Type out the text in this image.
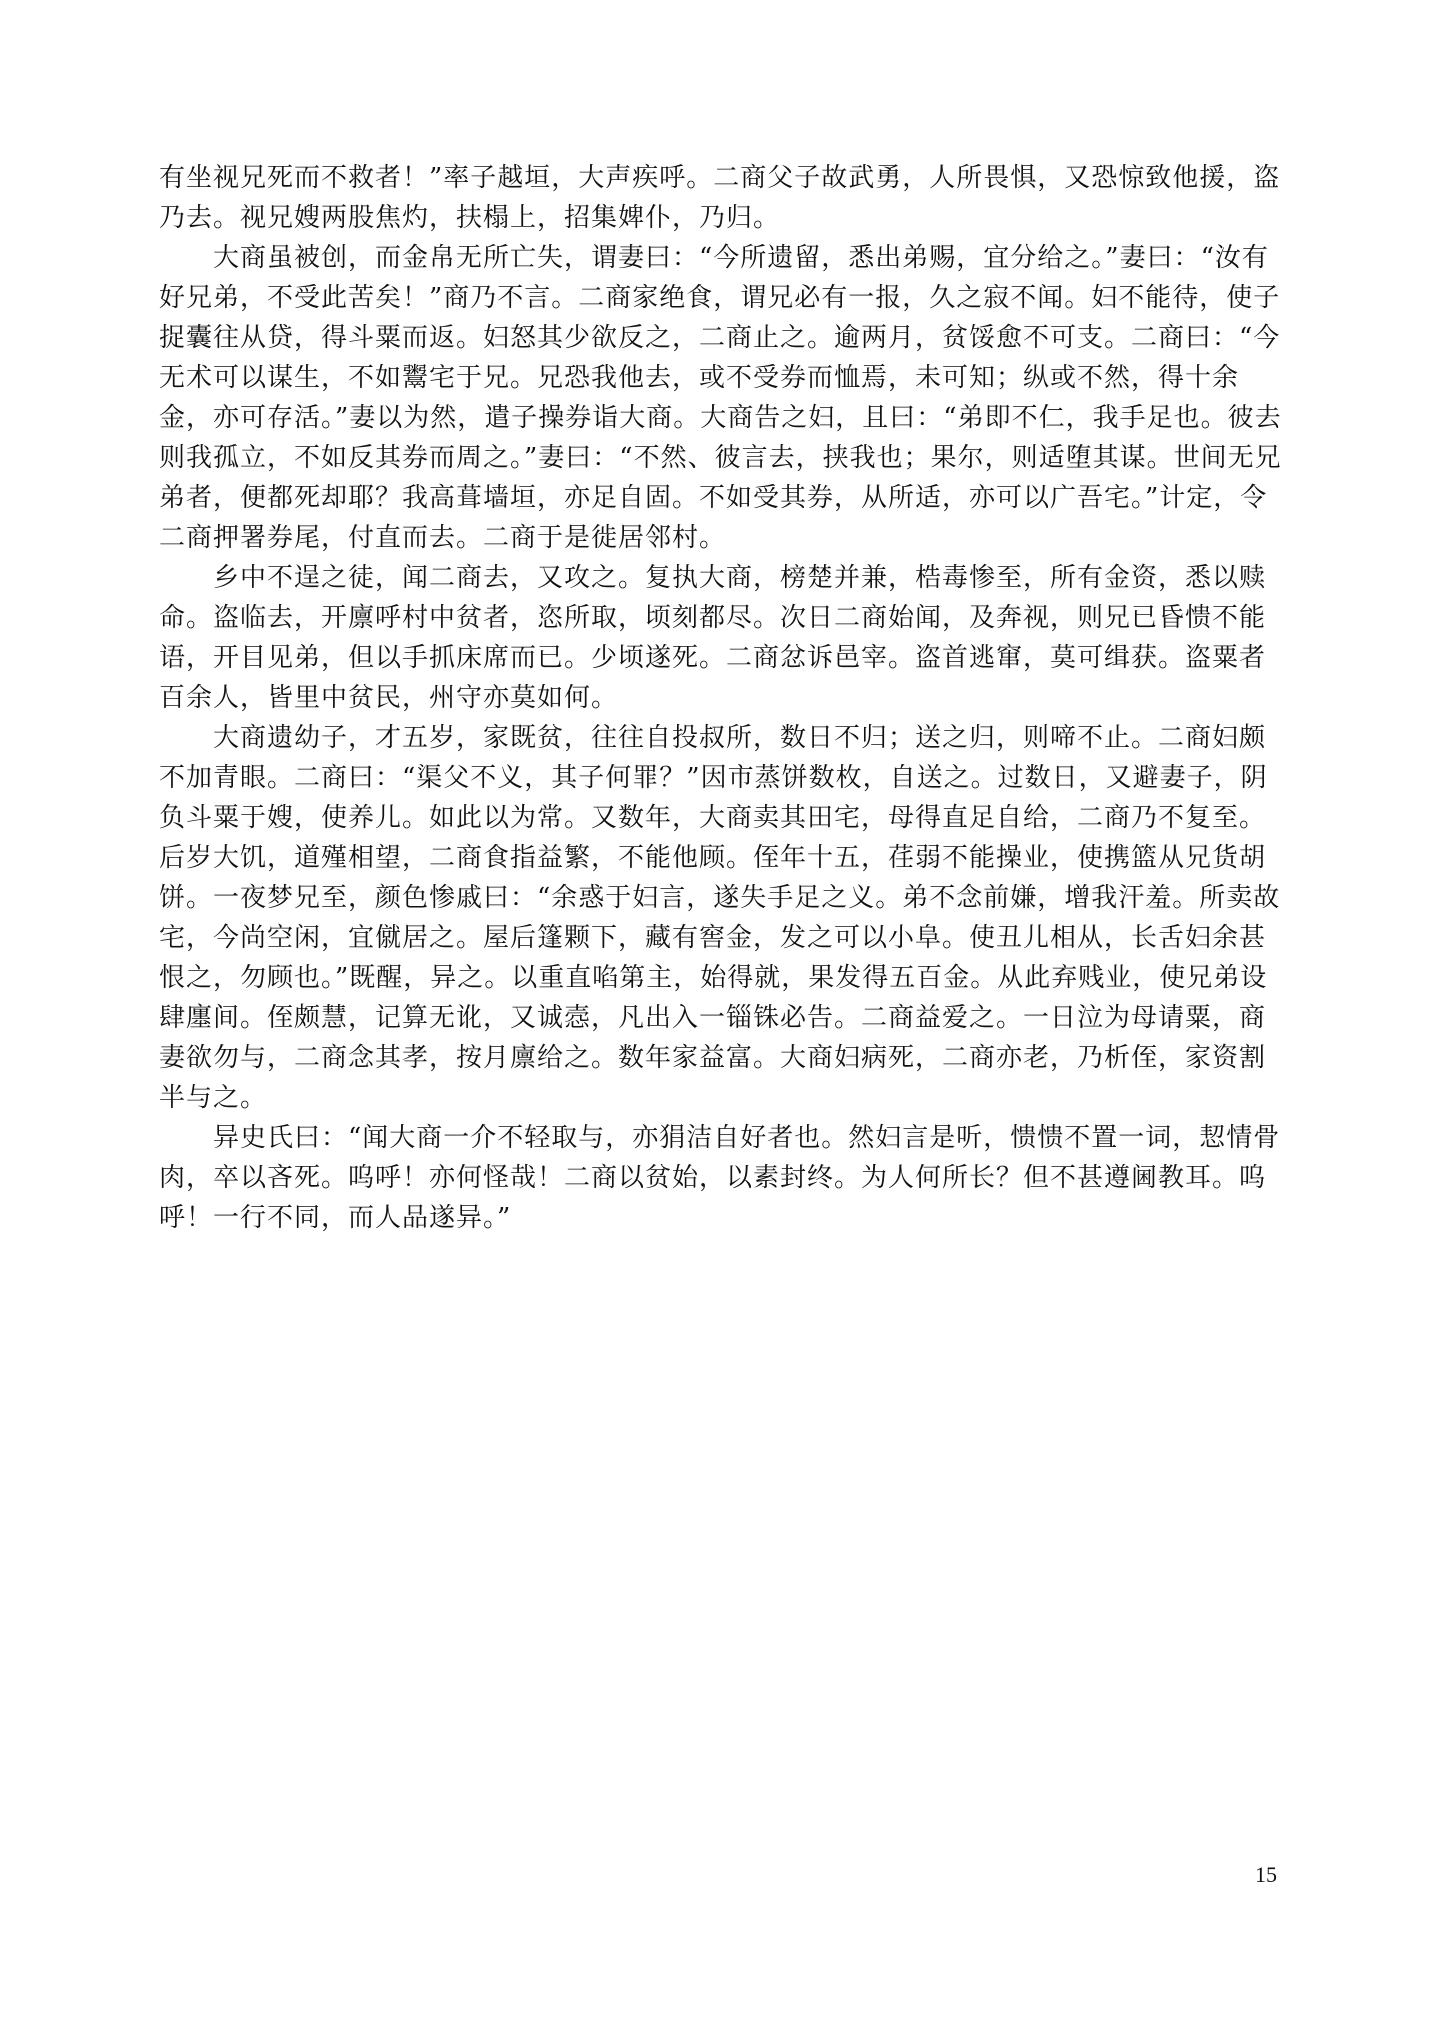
有坐视兄死而不救者！”率子越垣，大声疾呼。二商父子故武勇，人所畏惧，又恐惊致他援，盗乃去。视兄嫂两股焦灼，扶榻上，招集婢仆，乃归。

大商虽被创，而金帛无所亡失，谓妻曰：“今所遗留，悉出弟赐，宜分给之。”妻曰：“汝有好兄弟，不受此苦矣！”商乃不言。二商家绝食，谓兄必有一报，久之寂不闻。妇不能待，使子捉囊往从贷，得斗粟而返。妇怒其少欲反之，二商止之。逾两月，贫馁愈不可支。二商曰：“今无术可以谋生，不如鬻宅于兄。兄恐我他去，或不受券而恤焉，未可知；纵或不然，得十余金，亦可存活。”妻以为然，遣子操券诣大商。大商告之妇，且曰：“弟即不仁，我手足也。彼去则我孤立，不如反其券而周之。”妻曰：“不然、彼言去，挟我也；果尔，则适堕其谋。世间无兄弟者，便都死却耶？我高葺墙垣，亦足自固。不如受其券，从所适，亦可以广吾宅。”计定，令二商押署券尾，付直而去。二商于是徙居邻村。

乡中不逞之徒，闻二商去，又攻之。复执大商，榜楚并兼，梏毒惨至，所有金资，悉以赎命。盗临去，开廪呼村中贫者，恣所取，顷刻都尽。次日二商始闻，及奔视，则兄已昏愦不能语，开目见弟，但以手抓床席而已。少顷遂死。二商忿诉邑宰。盗首逃窜，莫可缉获。盗粟者百余人，皆里中贫民，州守亦莫如何。

大商遗幼子，才五岁，家既贫，往往自投叔所，数日不归；送之归，则啼不止。二商妇颇不加青眼。二商曰：“渠父不义，其子何罪？”因市蒸饼数枚，自送之。过数日，又避妻子，阴负斗粟于嫂，使养儿。如此以为常。又数年，大商卖其田宅，母得直足自给，二商乃不复至。后岁大饥，道殣相望，二商食指益繁，不能他顾。侄年十五，荏弱不能操业，使携篮从兄货胡饼。一夜梦兄至，颜色惨戚曰：“余惑于妇言，遂失手足之义。弟不念前嫌，增我汗羞。所卖故宅，今尚空闲，宜僦居之。屋后篷颗下，藏有窖金，发之可以小阜。使丑儿相从，长舌妇余甚恨之，勿顾也。”既醒，异之。以重直啗第主，始得就，果发得五百金。从此弃贱业，使兄弟设肆廛间。侄颇慧，记算无讹，又诚悫，凡出入一锱铢必告。二商益爱之。一日泣为母请粟，商妻欲勿与，二商念其孝，按月廪给之。数年家益富。大商妇病死，二商亦老，乃析侄，家资割半与之。

异史氏曰：“闻大商一介不轻取与，亦狷洁自好者也。然妇言是听，愦愦不置一词，恝情骨肉，卒以吝死。呜呼！亦何怪哉！二商以贫始，以素封终。为人何所长？但不甚遵阃教耳。呜呼！一行不同，而人品遂异。”

15
